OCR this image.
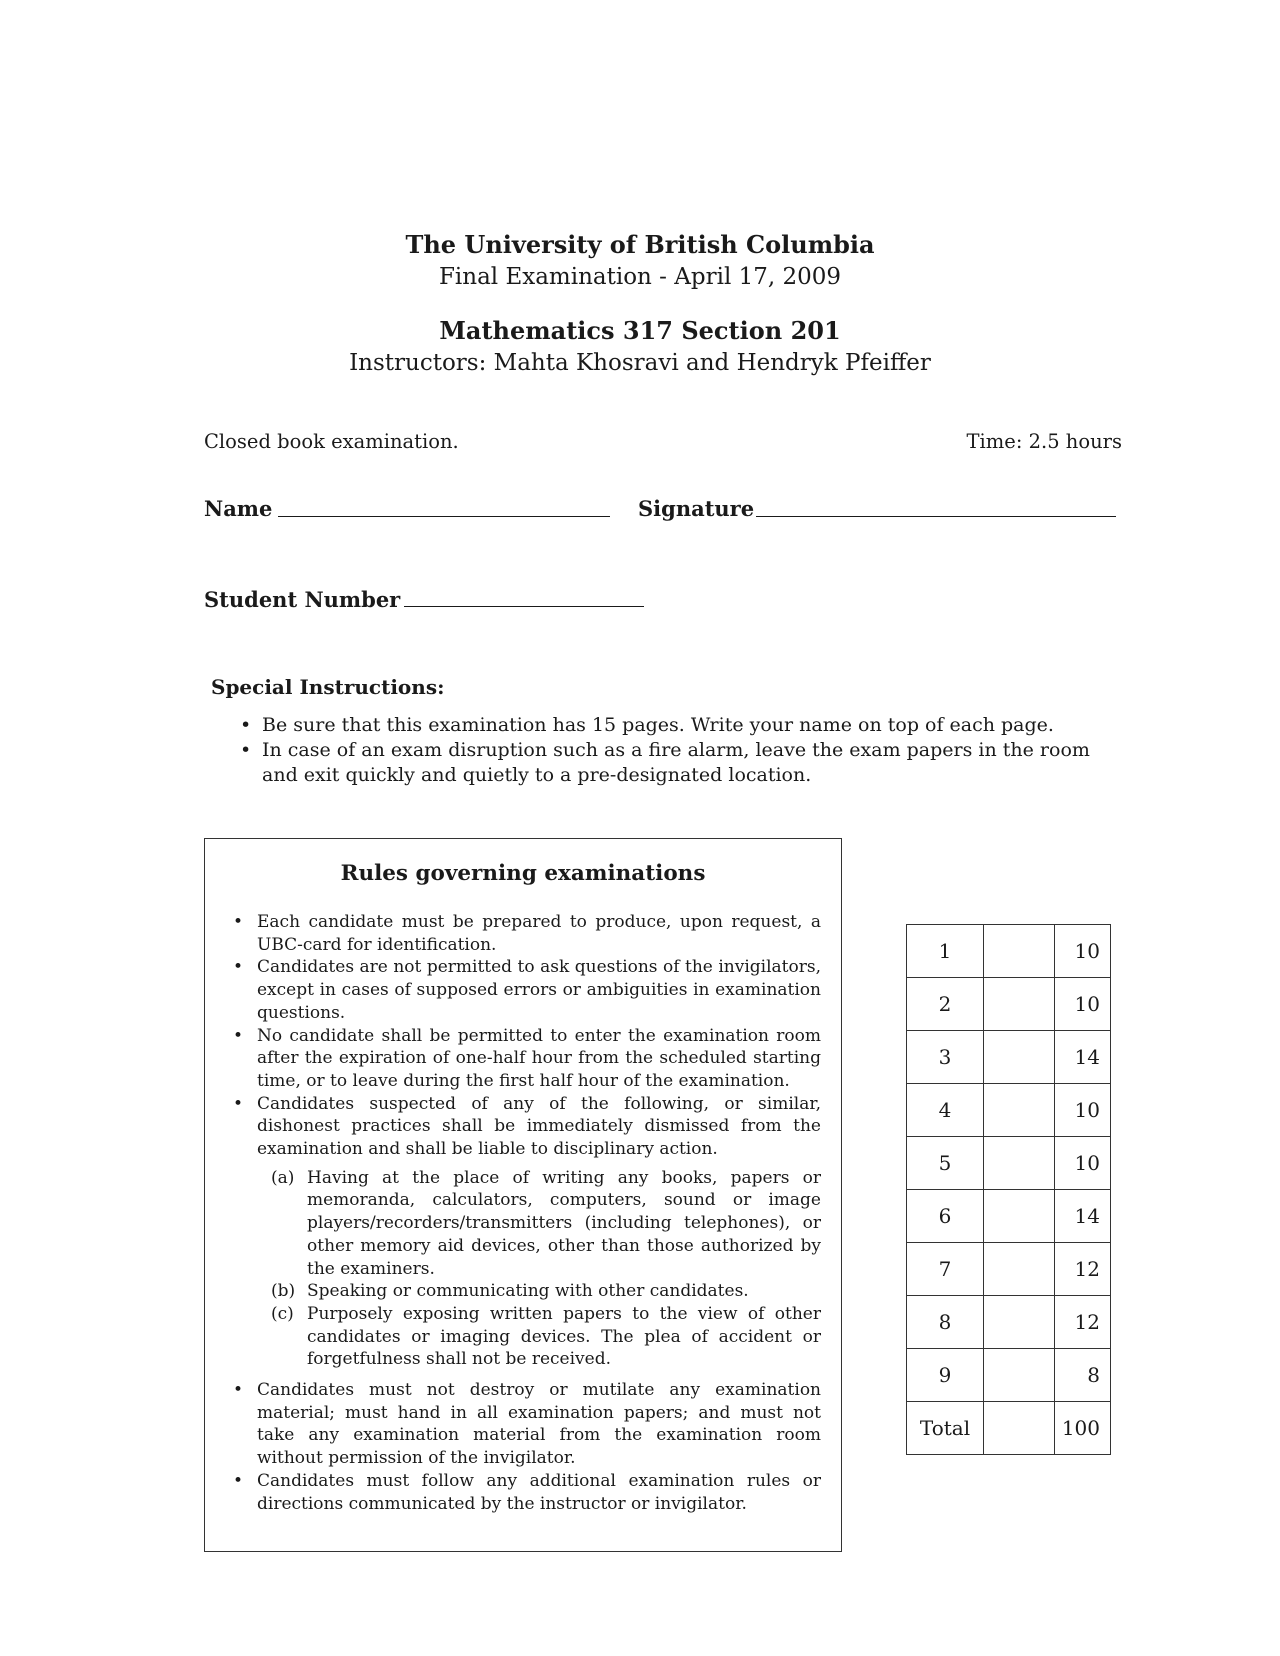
The University of British Columbia
Final Examination - April 17, 2009
Mathematics 317 Section 201
Instructors: Mahta Khosravi and Hendryk Pfeiffer
Closed book examination.	Time: 2.5 hours
Name	Signature
Student Number
Special Instructions:
• Be sure that this examination has 15 pages. Write your name on top of each page.
• In case of an exam disruption such as a fire alarm, leave the exam papers in the room and exit quickly and quietly to a pre-designated location.
Rules governing examinations
• Each candidate must be prepared to produce, upon request, a UBC-card for identification.
• Candidates are not permitted to ask questions of the invigilators, except in cases of supposed errors or ambiguities in examination questions.
• No candidate shall be permitted to enter the examination room after the expiration of one-half hour from the scheduled starting time, or to leave during the first half hour of the examination.
• Candidates suspected of any of the following, or similar, dishonest practices shall be immediately dismissed from the examination and shall be liable to disciplinary action.
(a) Having at the place of writing any books, papers or memoranda, calculators, computers, sound or image players/recorders/transmitters (including telephones), or other memory aid devices, other than those authorized by the examiners.
(b) Speaking or communicating with other candidates.
(c) Purposely exposing written papers to the view of other candidates or imaging devices. The plea of accident or forgetfulness shall not be received.
• Candidates must not destroy or mutilate any examination material; must hand in all examination papers; and must not take any examination material from the examination room without permission of the invigilator.
• Candidates must follow any additional examination rules or directions communicated by the instructor or invigilator.
1		10
2		10
3		14
4		10
5		10
6		14
7		12
8		12
9		8
Total		100
